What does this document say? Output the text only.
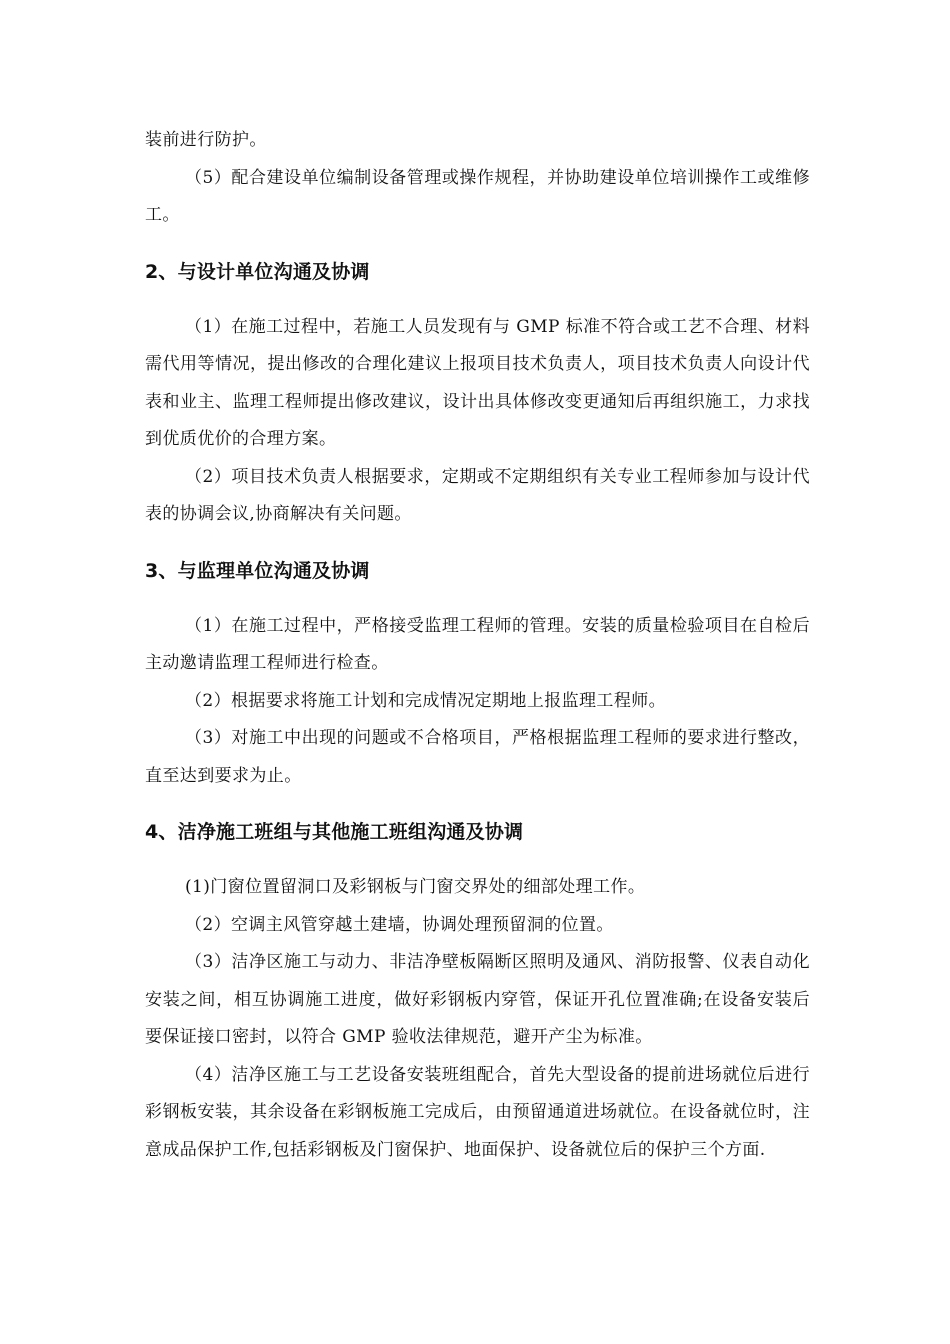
装前进行防护。

（5）配合建设单位编制设备管理或操作规程，并协助建设单位培训操作工或维修工。

2、与设计单位沟通及协调

（1）在施工过程中，若施工人员发现有与 GMP 标准不符合或工艺不合理、材料需代用等情况，提出修改的合理化建议上报项目技术负责人，项目技术负责人向设计代表和业主、监理工程师提出修改建议，设计出具体修改变更通知后再组织施工，力求找到优质优价的合理方案。

（2）项目技术负责人根据要求，定期或不定期组织有关专业工程师参加与设计代表的协调会议,协商解决有关问题。

3、与监理单位沟通及协调

（1）在施工过程中，严格接受监理工程师的管理。安装的质量检验项目在自检后主动邀请监理工程师进行检查。

（2）根据要求将施工计划和完成情况定期地上报监理工程师。

（3）对施工中出现的问题或不合格项目，严格根据监理工程师的要求进行整改，直至达到要求为止。

4、洁净施工班组与其他施工班组沟通及协调

(1)门窗位置留洞口及彩钢板与门窗交界处的细部处理工作。

（2）空调主风管穿越土建墙，协调处理预留洞的位置。

（3）洁净区施工与动力、非洁净壁板隔断区照明及通风、消防报警、仪表自动化安装之间，相互协调施工进度，做好彩钢板内穿管，保证开孔位置准确;在设备安装后要保证接口密封，以符合 GMP 验收法律规范，避开产尘为标准。

（4）洁净区施工与工艺设备安装班组配合，首先大型设备的提前进场就位后进行彩钢板安装，其余设备在彩钢板施工完成后，由预留通道进场就位。在设备就位时，注意成品保护工作,包括彩钢板及门窗保护、地面保护、设备就位后的保护三个方面.
